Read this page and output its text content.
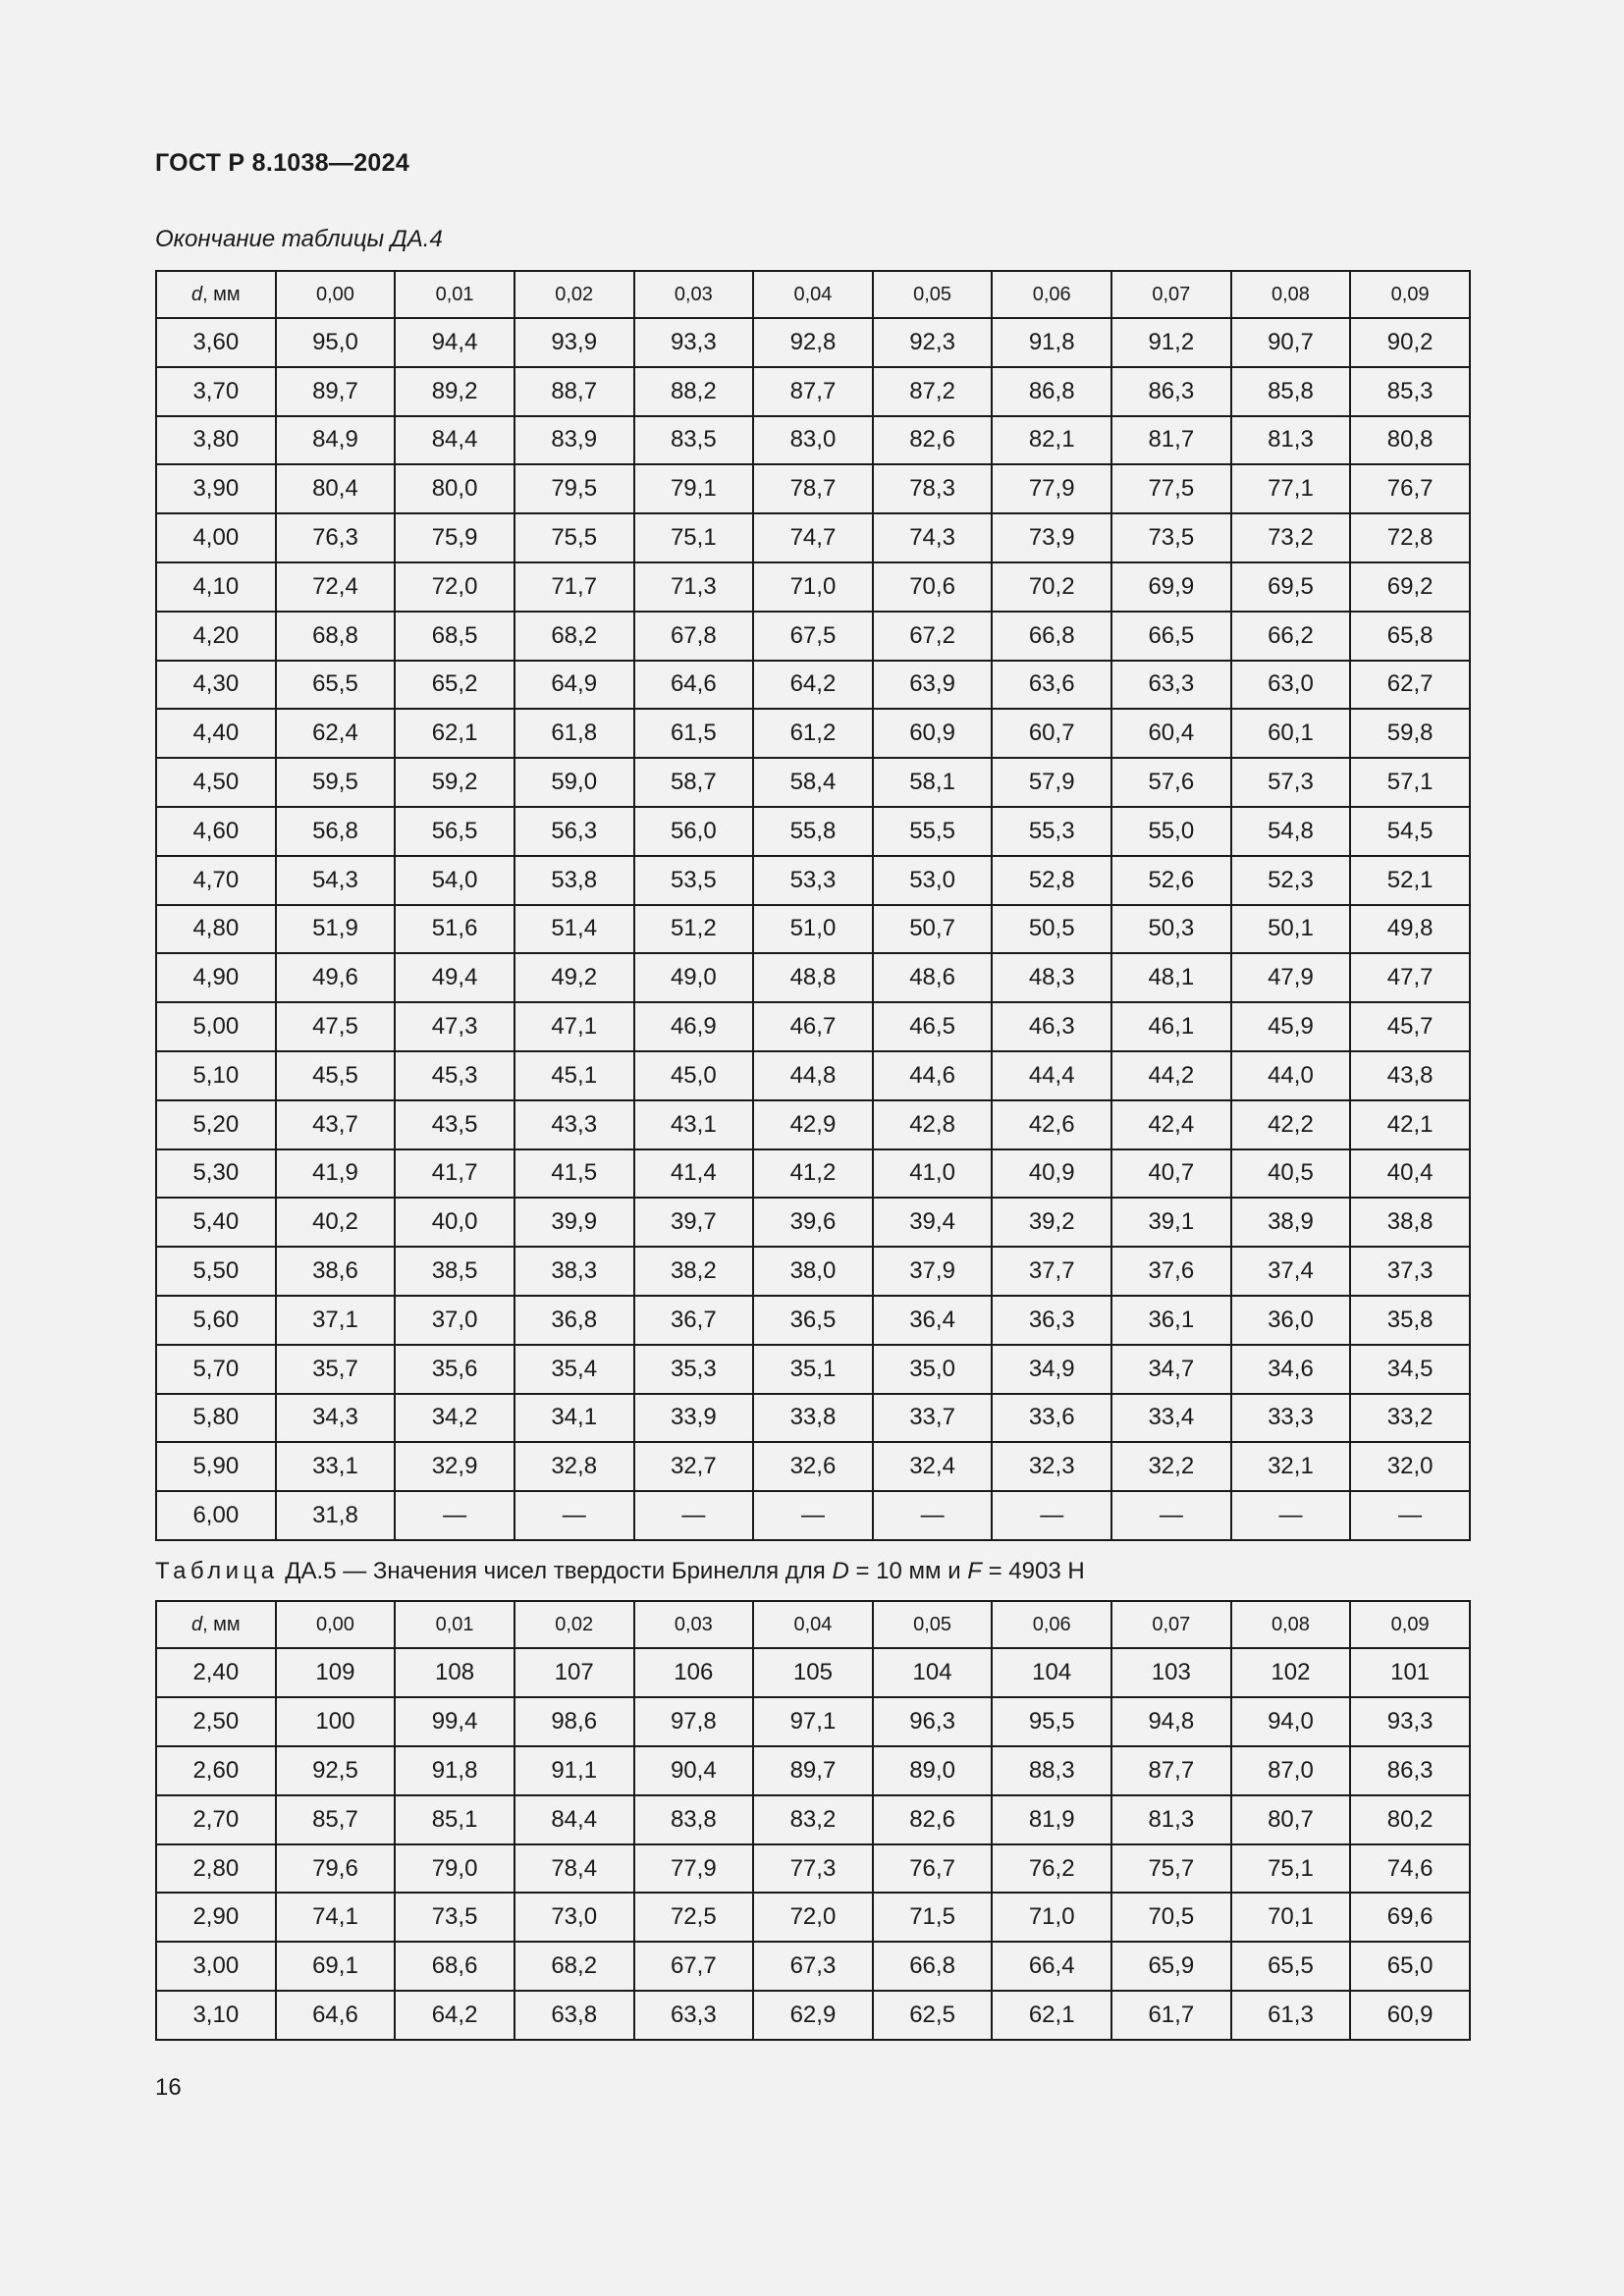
ГОСТ Р 8.1038—2024
Окончание таблицы ДА.4
d, мм	0,00	0,01	0,02	0,03	0,04	0,05	0,06	0,07	0,08	0,09
3,60	95,0	94,4	93,9	93,3	92,8	92,3	91,8	91,2	90,7	90,2
3,70	89,7	89,2	88,7	88,2	87,7	87,2	86,8	86,3	85,8	85,3
3,80	84,9	84,4	83,9	83,5	83,0	82,6	82,1	81,7	81,3	80,8
3,90	80,4	80,0	79,5	79,1	78,7	78,3	77,9	77,5	77,1	76,7
4,00	76,3	75,9	75,5	75,1	74,7	74,3	73,9	73,5	73,2	72,8
4,10	72,4	72,0	71,7	71,3	71,0	70,6	70,2	69,9	69,5	69,2
4,20	68,8	68,5	68,2	67,8	67,5	67,2	66,8	66,5	66,2	65,8
4,30	65,5	65,2	64,9	64,6	64,2	63,9	63,6	63,3	63,0	62,7
4,40	62,4	62,1	61,8	61,5	61,2	60,9	60,7	60,4	60,1	59,8
4,50	59,5	59,2	59,0	58,7	58,4	58,1	57,9	57,6	57,3	57,1
4,60	56,8	56,5	56,3	56,0	55,8	55,5	55,3	55,0	54,8	54,5
4,70	54,3	54,0	53,8	53,5	53,3	53,0	52,8	52,6	52,3	52,1
4,80	51,9	51,6	51,4	51,2	51,0	50,7	50,5	50,3	50,1	49,8
4,90	49,6	49,4	49,2	49,0	48,8	48,6	48,3	48,1	47,9	47,7
5,00	47,5	47,3	47,1	46,9	46,7	46,5	46,3	46,1	45,9	45,7
5,10	45,5	45,3	45,1	45,0	44,8	44,6	44,4	44,2	44,0	43,8
5,20	43,7	43,5	43,3	43,1	42,9	42,8	42,6	42,4	42,2	42,1
5,30	41,9	41,7	41,5	41,4	41,2	41,0	40,9	40,7	40,5	40,4
5,40	40,2	40,0	39,9	39,7	39,6	39,4	39,2	39,1	38,9	38,8
5,50	38,6	38,5	38,3	38,2	38,0	37,9	37,7	37,6	37,4	37,3
5,60	37,1	37,0	36,8	36,7	36,5	36,4	36,3	36,1	36,0	35,8
5,70	35,7	35,6	35,4	35,3	35,1	35,0	34,9	34,7	34,6	34,5
5,80	34,3	34,2	34,1	33,9	33,8	33,7	33,6	33,4	33,3	33,2
5,90	33,1	32,9	32,8	32,7	32,6	32,4	32,3	32,2	32,1	32,0
6,00	31,8	—	—	—	—	—	—	—	—	—
Таблица ДА.5 — Значения чисел твердости Бринелля для D = 10 мм и F = 4903 Н
d, мм	0,00	0,01	0,02	0,03	0,04	0,05	0,06	0,07	0,08	0,09
2,40	109	108	107	106	105	104	104	103	102	101
2,50	100	99,4	98,6	97,8	97,1	96,3	95,5	94,8	94,0	93,3
2,60	92,5	91,8	91,1	90,4	89,7	89,0	88,3	87,7	87,0	86,3
2,70	85,7	85,1	84,4	83,8	83,2	82,6	81,9	81,3	80,7	80,2
2,80	79,6	79,0	78,4	77,9	77,3	76,7	76,2	75,7	75,1	74,6
2,90	74,1	73,5	73,0	72,5	72,0	71,5	71,0	70,5	70,1	69,6
3,00	69,1	68,6	68,2	67,7	67,3	66,8	66,4	65,9	65,5	65,0
3,10	64,6	64,2	63,8	63,3	62,9	62,5	62,1	61,7	61,3	60,9
16
